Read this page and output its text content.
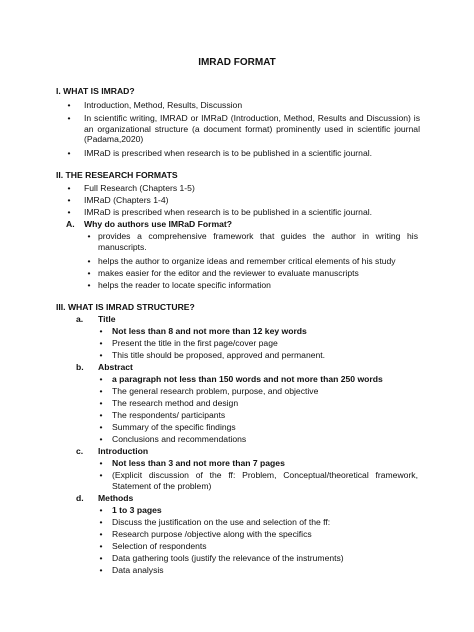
IMRAD FORMAT
I. WHAT IS IMRAD?
•	Introduction, Method, Results, Discussion
•	In scientific writing, IMRAD or IMRaD (Introduction, Method, Results and Discussion) is an organizational structure (a document format) prominently used in scientific journal (Padama,2020)
•	IMRaD is prescribed when research is to be published in a scientific journal.
II. THE RESEARCH FORMATS
•	Full Research (Chapters 1-5)
•	IMRaD (Chapters 1-4)
•	IMRaD is prescribed when research is to be published in a scientific journal.
A. Why do authors use IMRaD Format?
• provides a comprehensive framework that guides the author in writing his manuscripts.
• helps the author to organize ideas and remember critical elements of his study
• makes easier for the editor and the reviewer to evaluate manuscripts
• helps the reader to locate specific information
III. WHAT IS IMRAD STRUCTURE?
a.	Title
•	Not less than 8 and not more than 12 key words
•	Present the title in the first page/cover page
•	This title should be proposed, approved and permanent.
b.	Abstract
•	a paragraph not less than 150 words and not more than 250 words
•	The general research problem, purpose, and objective
•	The research method and design
•	The respondents/ participants
•	Summary of the specific findings
•	Conclusions and recommendations
c.	Introduction
•	Not less than 3 and not more than 7 pages
•	(Explicit discussion of the ff: Problem, Conceptual/theoretical framework, Statement of the problem)
d.	Methods
•	1 to 3 pages
•	Discuss the justification on the use and selection of the ff:
•	Research purpose /objective along with the specifics
•	Selection of respondents
•	Data gathering tools (justify the relevance of the instruments)
•	Data analysis
